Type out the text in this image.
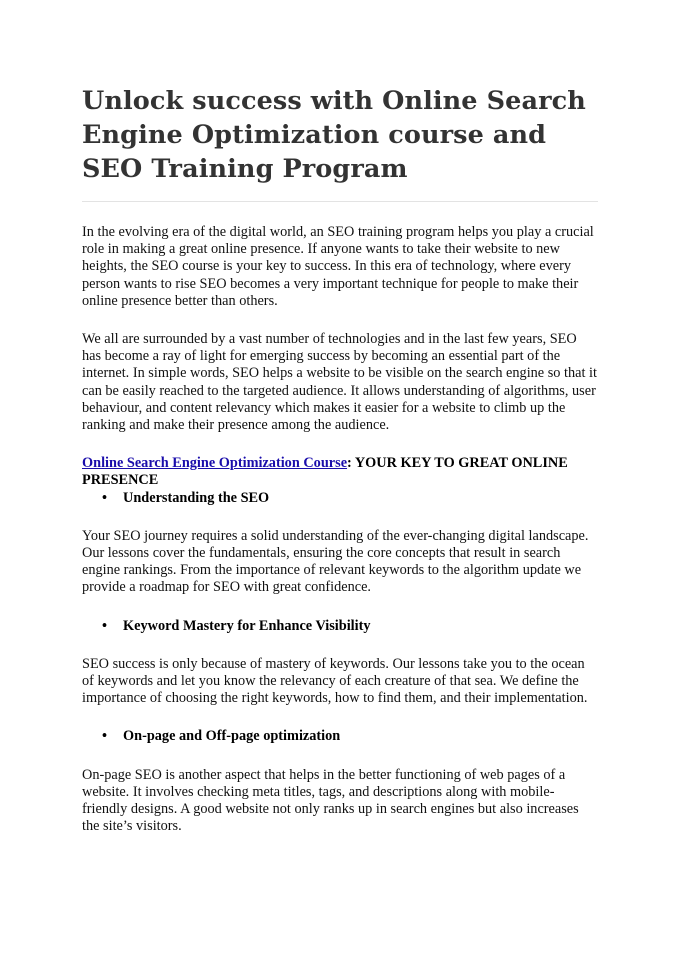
Unlock success with Online Search Engine Optimization course and SEO Training Program

In the evolving era of the digital world, an SEO training program helps you play a crucial role in making a great online presence. If anyone wants to take their website to new heights, the SEO course is your key to success. In this era of technology, where every person wants to rise SEO becomes a very important technique for people to make their online presence better than others.

We all are surrounded by a vast number of technologies and in the last few years, SEO has become a ray of light for emerging success by becoming an essential part of the internet. In simple words, SEO helps a website to be visible on the search engine so that it can be easily reached to the targeted audience. It allows understanding of algorithms, user behaviour, and content relevancy which makes it easier for a website to climb up the ranking and make their presence among the audience.

Online Search Engine Optimization Course: YOUR KEY TO GREAT ONLINE PRESENCE

•	Understanding the SEO

Your SEO journey requires a solid understanding of the ever-changing digital landscape. Our lessons cover the fundamentals, ensuring the core concepts that result in search engine rankings. From the importance of relevant keywords to the algorithm update we provide a roadmap for SEO with great confidence.

•	Keyword Mastery for Enhance Visibility

SEO success is only because of mastery of keywords. Our lessons take you to the ocean of keywords and let you know the relevancy of each creature of that sea. We define the importance of choosing the right keywords, how to find them, and their implementation.

•	On-page and Off-page optimization

On-page SEO is another aspect that helps in the better functioning of web pages of a website. It involves checking meta titles, tags, and descriptions along with mobile-friendly designs. A good website not only ranks up in search engines but also increases the site’s visitors.
